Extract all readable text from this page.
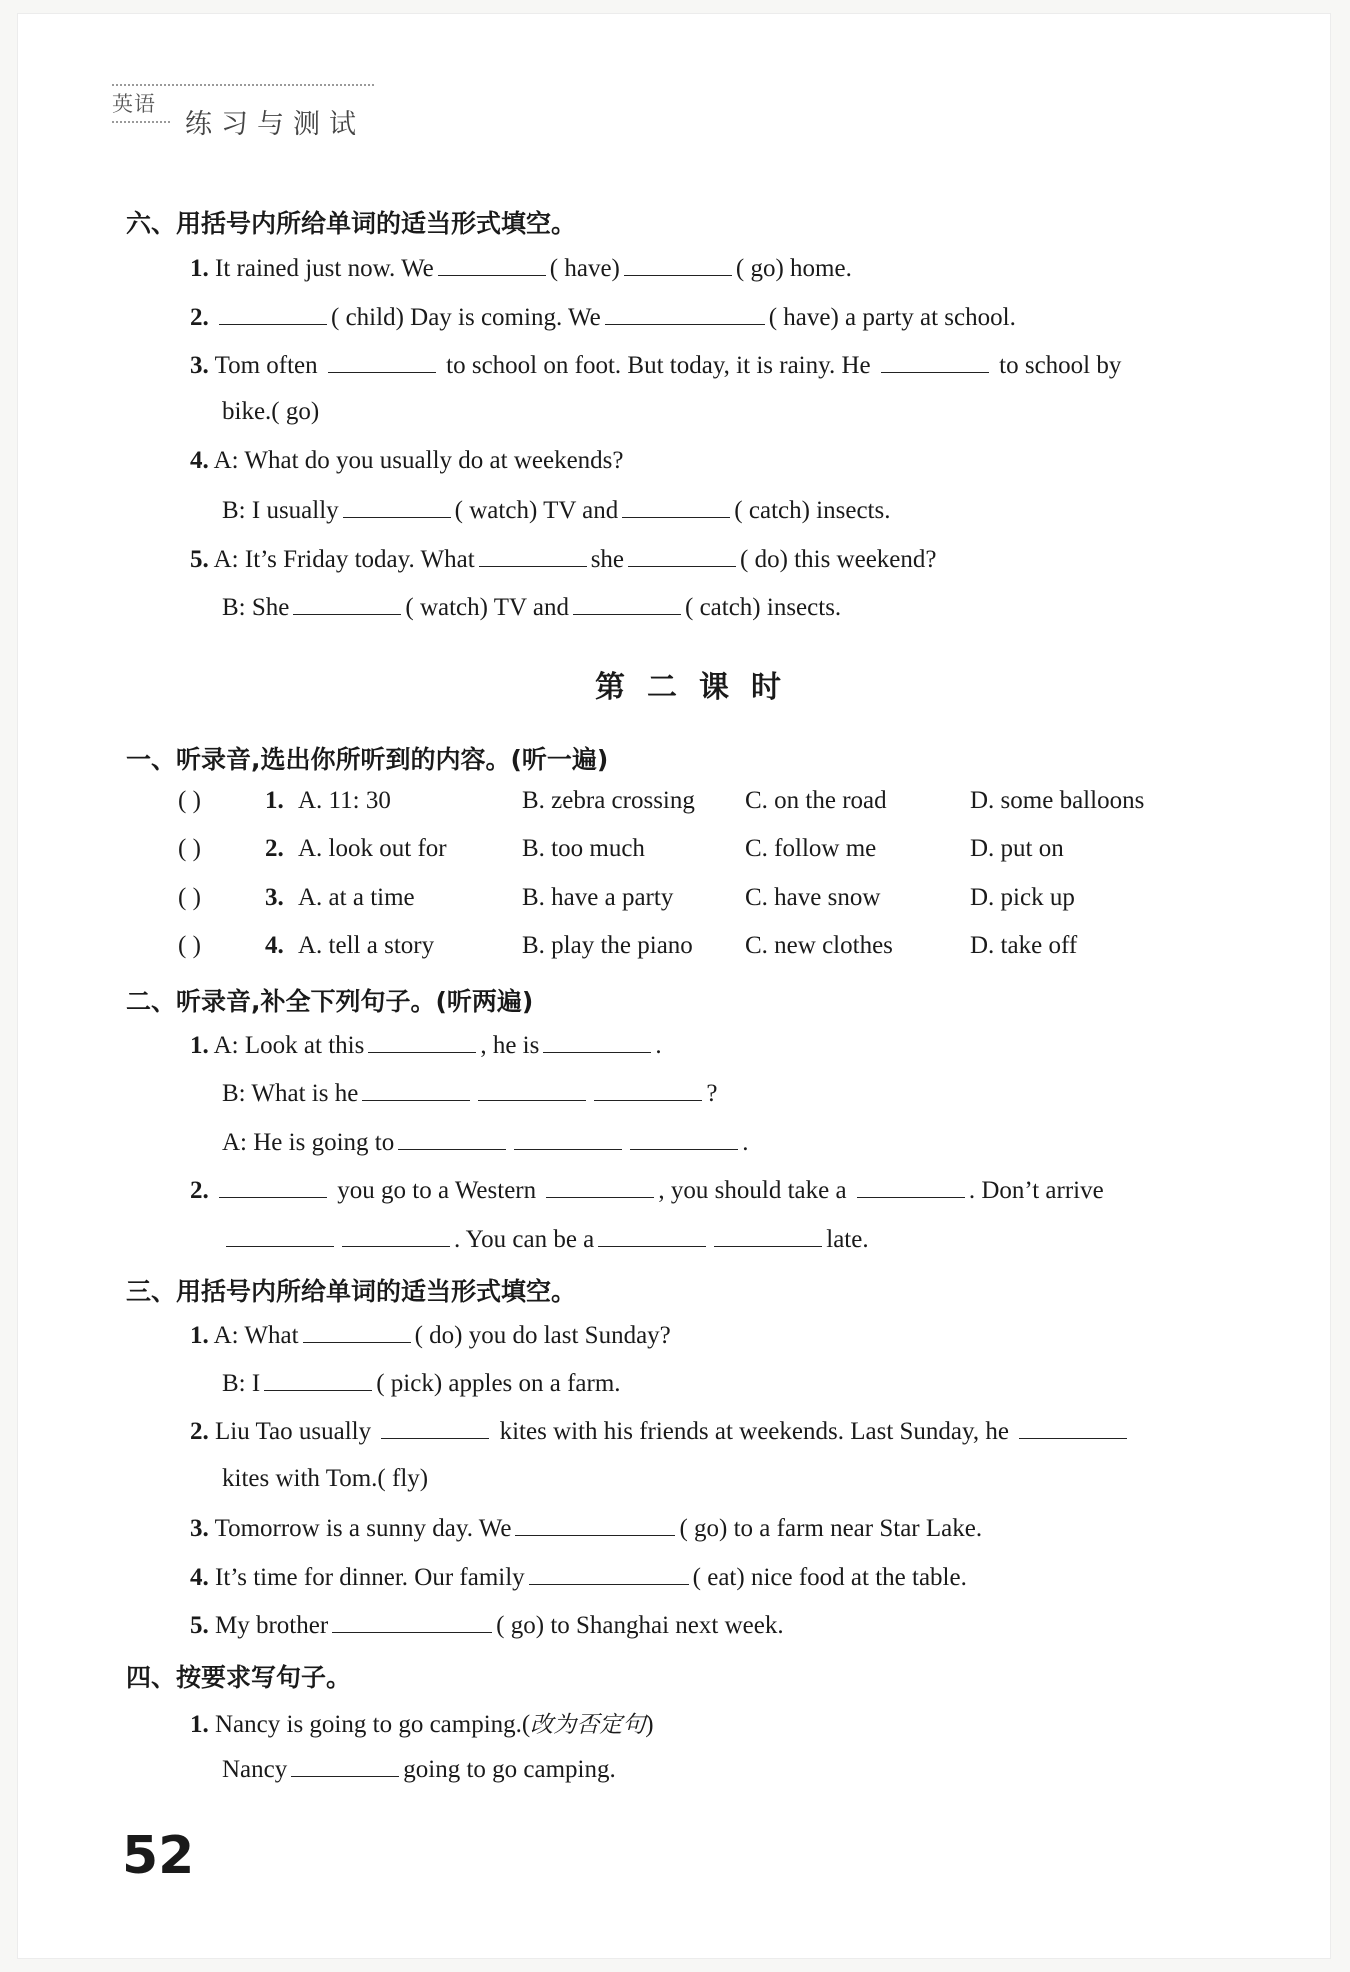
英语
练习与测试
六、用括号内所给单词的适当形式填空。
1. It rained just now. We	( have)	( go) home.
2.	( child) Day is coming. We	( have) a party at school.
3. Tom often	to school on foot. But today, it is rainy. He	to school by
bike.( go)
4. A: What do you usually do at weekends?
B: I usually	( watch) TV and	( catch) insects.
5. A: It’s Friday today. What	she	( do) this weekend?
B: She	( watch) TV and	( catch) insects.
第二课时
一、听录音,选出你所听到的内容。(听一遍)
( )	1. A. 11: 30	B. zebra crossing C. on the road	D. some balloons
( )	2. A. look out for	B. too much	C. follow me	D. put on
( )	3. A. at a time	B. have a party	C. have snow	D. pick up
( )	4. A. tell a story	B. play the piano C. new clothes	D. take off
二、听录音,补全下列句子。(听两遍)
1. A: Look at this	, he is	.
B: What is he	?
A: He is going to	.
2.	you go to a Western	, you should take a	. Don’t arrive
. You can be a	late.
三、用括号内所给单词的适当形式填空。
1. A: What	( do) you do last Sunday?
B: I	( pick) apples on a farm.
2. Liu Tao usually	kites with his friends at weekends. Last Sunday, he
kites with Tom.( fly)
3. Tomorrow is a sunny day. We	( go) to a farm near Star Lake.
4. It’s time for dinner. Our family	( eat) nice food at the table.
5. My brother	( go) to Shanghai next week.
四、按要求写句子。
1. Nancy is going to go camping.(改为否定句)
Nancy	going to go camping.
52
